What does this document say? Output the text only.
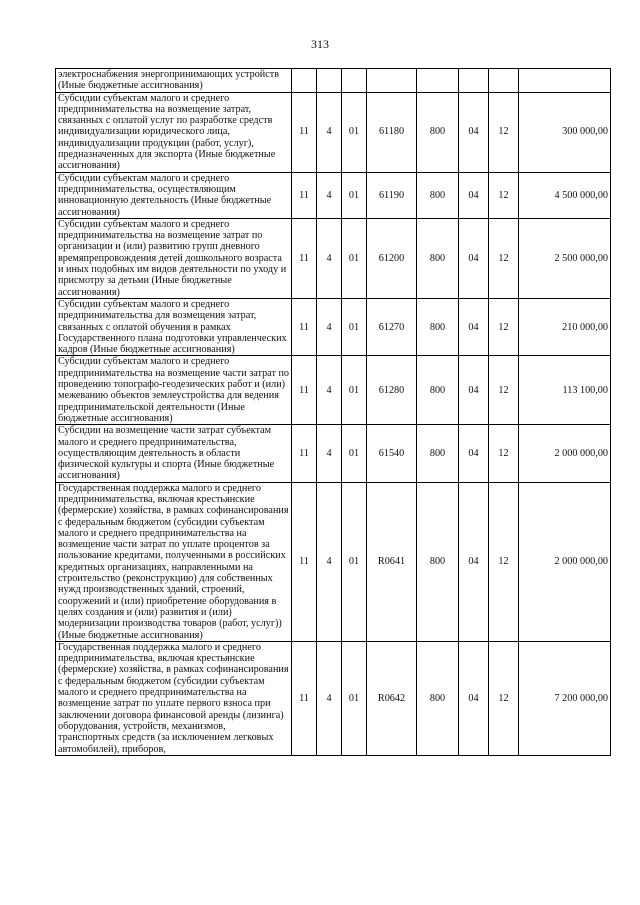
313
электроснабжения энергопринимающих устройств (Иные бюджетные ассигнования)								
Субсидии субъектам малого и среднего предпринимательства на возмещение затрат, связанных с оплатой услуг по разработке средств индивидуализации юридического лица, индивидуализации продукции (работ, услуг), предназначенных для экспорта (Иные бюджетные ассигнования)	11	4	01	61180	800	04	12	300 000,00
Субсидии субъектам малого и среднего предпринимательства, осуществляющим инновационную деятельность (Иные бюджетные ассигнования)	11	4	01	61190	800	04	12	4 500 000,00
Субсидии субъектам малого и среднего предпринимательства на возмещение затрат по организации и (или) развитию групп дневного времяпрепровождения детей дошкольного возраста и иных подобных им видов деятельности по уходу и присмотру за детьми (Иные бюджетные ассигнования)	11	4	01	61200	800	04	12	2 500 000,00
Субсидии субъектам малого и среднего предпринимательства для возмещения затрат, связанных с оплатой обучения в рамках Государственного плана подготовки управленческих кадров (Иные бюджетные ассигнования)	11	4	01	61270	800	04	12	210 000,00
Субсидии субъектам малого и среднего предпринимательства на возмещение части затрат по проведению топографо-геодезических работ и (или) межеванию объектов землеустройства для ведения предпринимательской деятельности (Иные бюджетные ассигнования)	11	4	01	61280	800	04	12	113 100,00
Субсидии на возмещение части затрат субъектам малого и среднего предпринимательства, осуществляющим деятельность в области физической культуры и спорта (Иные бюджетные ассигнования)	11	4	01	61540	800	04	12	2 000 000,00
Государственная поддержка малого и среднего предпринимательства, включая крестьянские (фермерские) хозяйства, в рамках софинансирования с федеральным бюджетом (субсидии субъектам малого и среднего предпринимательства на возмещение части затрат по уплате процентов за пользование кредитами, полученными в российских кредитных организациях, направленными на строительство (реконструкцию) для собственных нужд производственных зданий, строений, сооружений и (или) приобретение оборудования в целях создания и (или) развития и (или) модернизации производства товаров (работ, услуг)) (Иные бюджетные ассигнования)	11	4	01	R0641	800	04	12	2 000 000,00
Государственная поддержка малого и среднего предпринимательства, включая крестьянские (фермерские) хозяйства, в рамках софинансирования с федеральным бюджетом (субсидии субъектам малого и среднего предпринимательства на возмещение затрат по уплате первого взноса при заключении договора финансовой аренды (лизинга) оборудования, устройств, механизмов, транспортных средств (за исключением легковых автомобилей), приборов,	11	4	01	R0642	800	04	12	7 200 000,00
